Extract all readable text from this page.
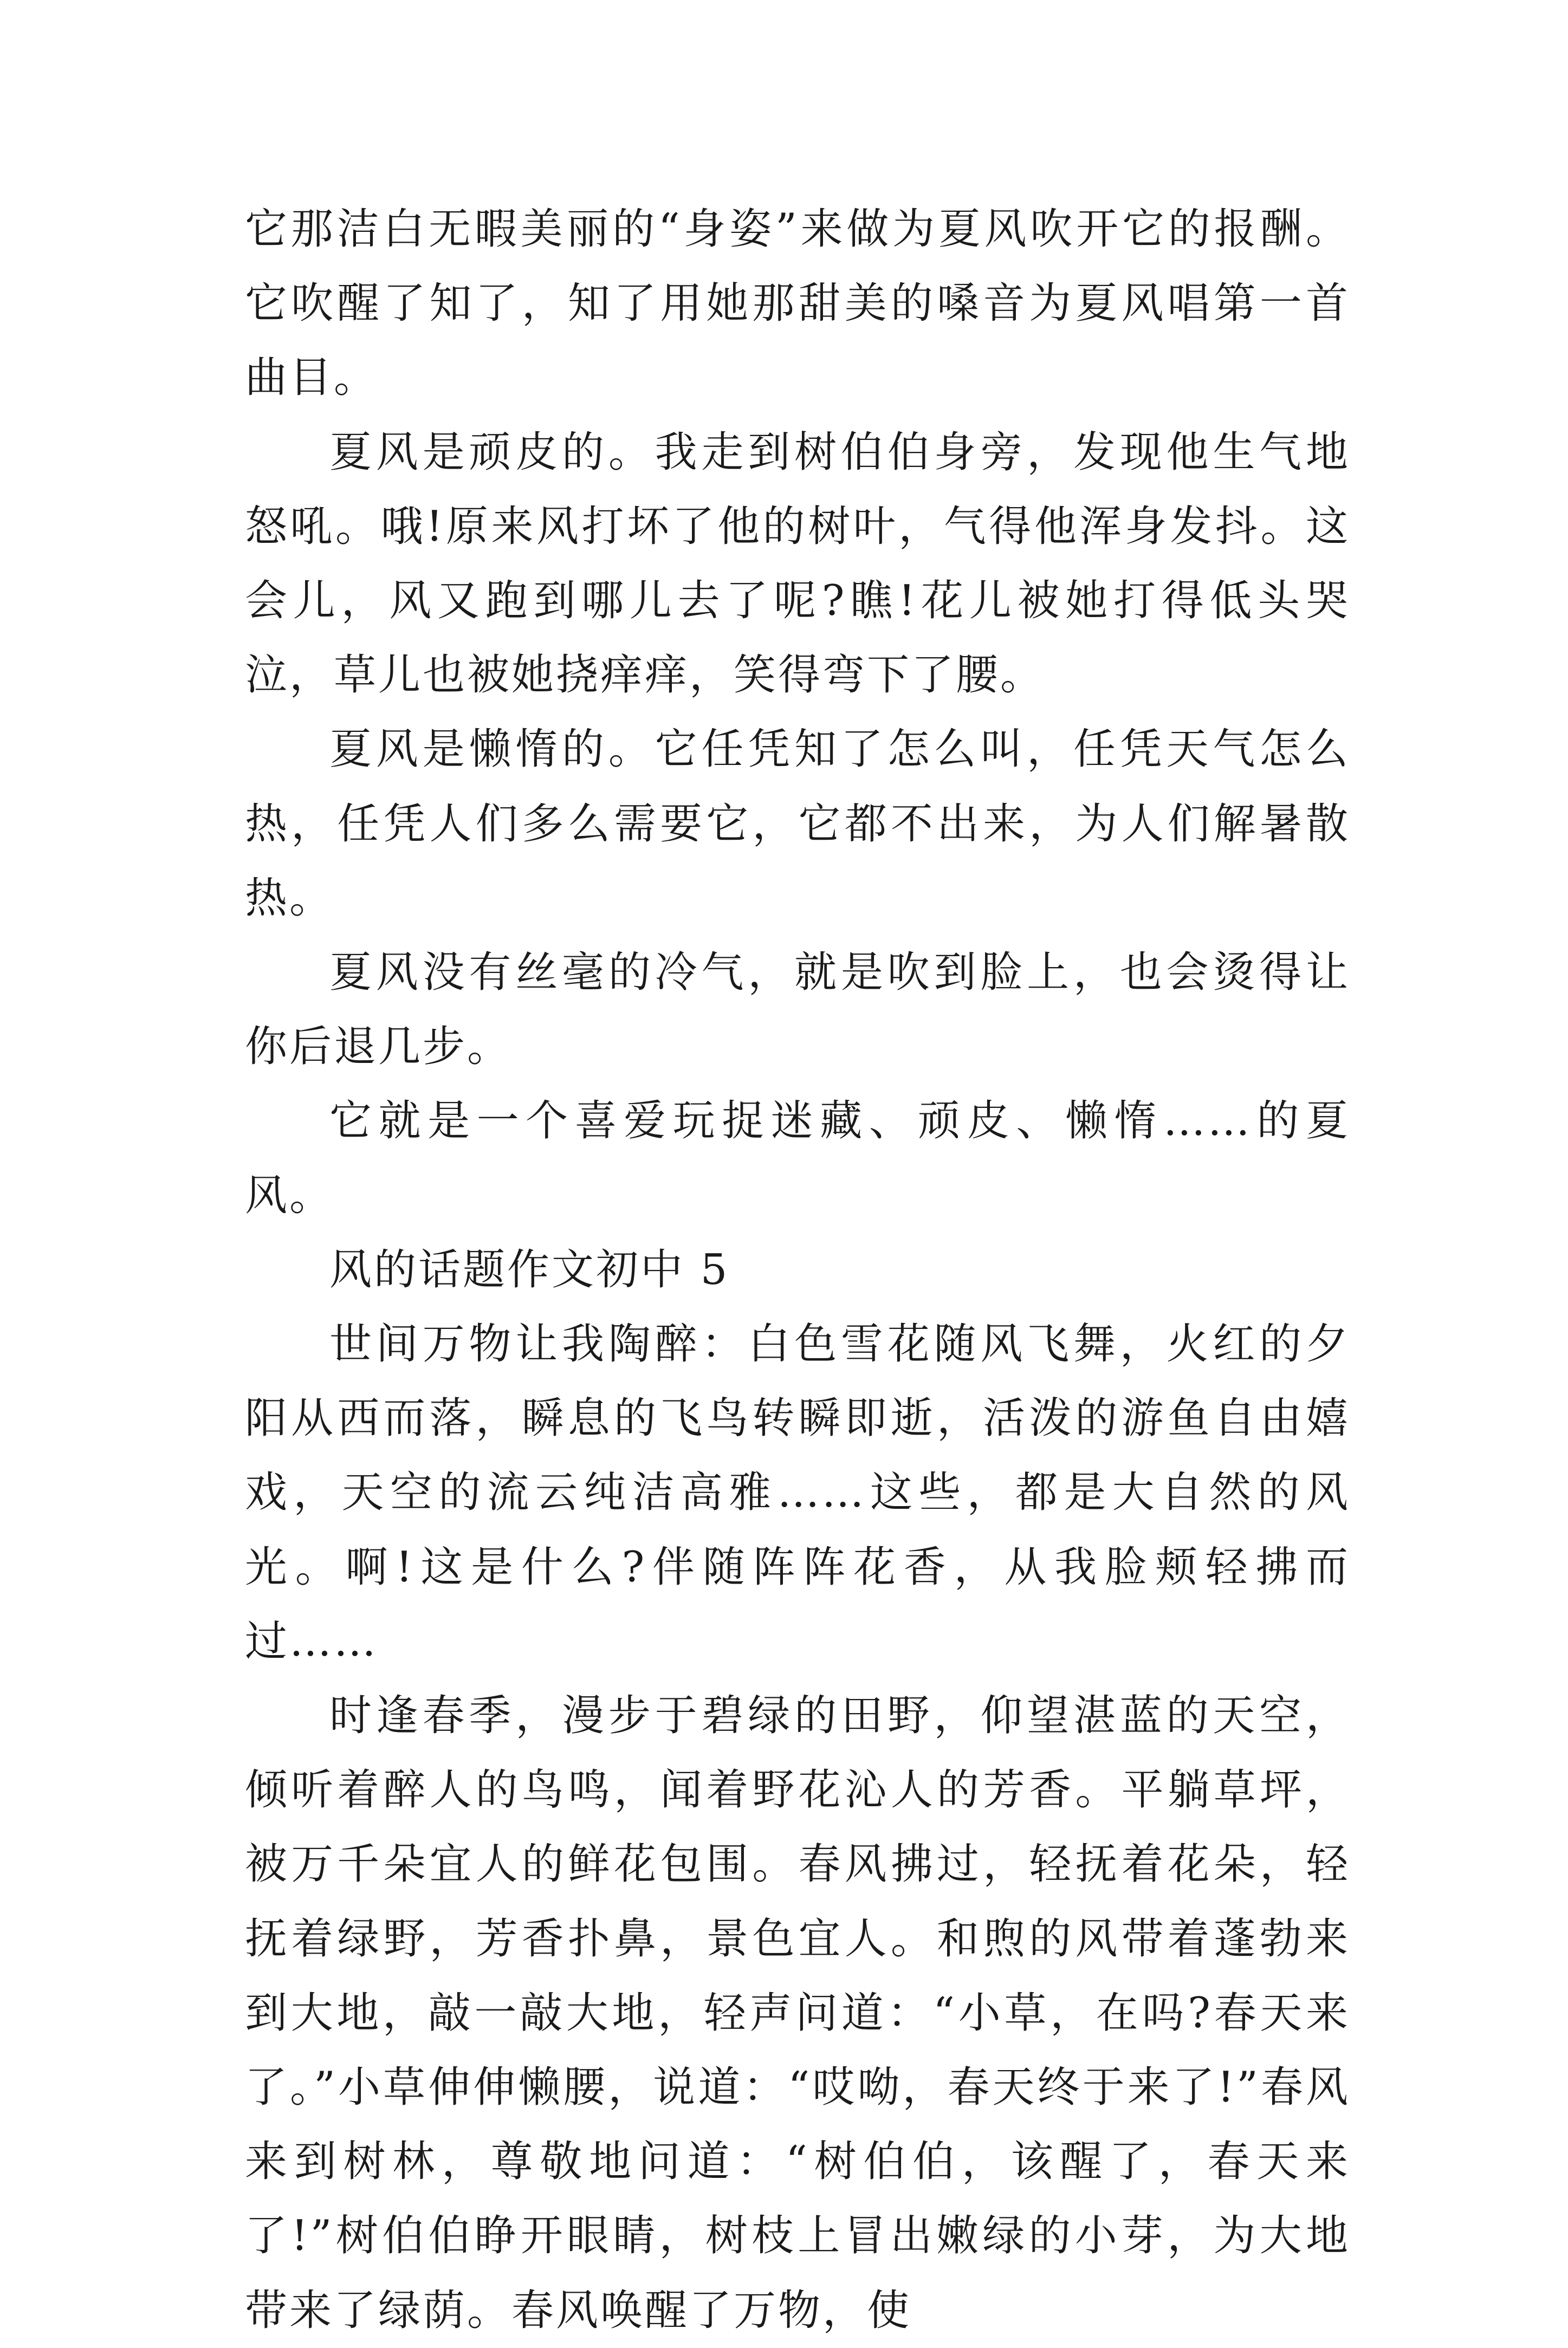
它那洁白无暇美丽的“身姿”来做为夏风吹开它的报酬。它吹醒了知了，知了用她那甜美的嗓音为夏风唱第一首曲目。

夏风是顽皮的。我走到树伯伯身旁，发现他生气地怒吼。哦!原来风打坏了他的树叶，气得他浑身发抖。这会儿，风又跑到哪儿去了呢?瞧!花儿被她打得低头哭泣，草儿也被她挠痒痒，笑得弯下了腰。

夏风是懒惰的。它任凭知了怎么叫，任凭天气怎么热，任凭人们多么需要它，它都不出来，为人们解暑散热。

夏风没有丝毫的冷气，就是吹到脸上，也会烫得让你后退几步。

它就是一个喜爱玩捉迷藏、顽皮、懒惰……的夏风。

风的话题作文初中 5

世间万物让我陶醉：白色雪花随风飞舞，火红的夕阳从西而落，瞬息的飞鸟转瞬即逝，活泼的游鱼自由嬉戏，天空的流云纯洁高雅……这些，都是大自然的风光。啊!这是什么?伴随阵阵花香，从我脸颊轻拂而过……

时逢春季，漫步于碧绿的田野，仰望湛蓝的天空，倾听着醉人的鸟鸣，闻着野花沁人的芳香。平躺草坪，被万千朵宜人的鲜花包围。春风拂过，轻抚着花朵，轻抚着绿野，芳香扑鼻，景色宜人。和煦的风带着蓬勃来到大地，敲一敲大地，轻声问道：“小草，在吗?春天来了。”小草伸伸懒腰，说道：“哎呦，春天终于来了!”春风来到树林，尊敬地问道：“树伯伯，该醒了，春天来了!”树伯伯睁开眼睛，树枝上冒出嫩绿的小芽，为大地带来了绿荫。春风唤醒了万物，使
